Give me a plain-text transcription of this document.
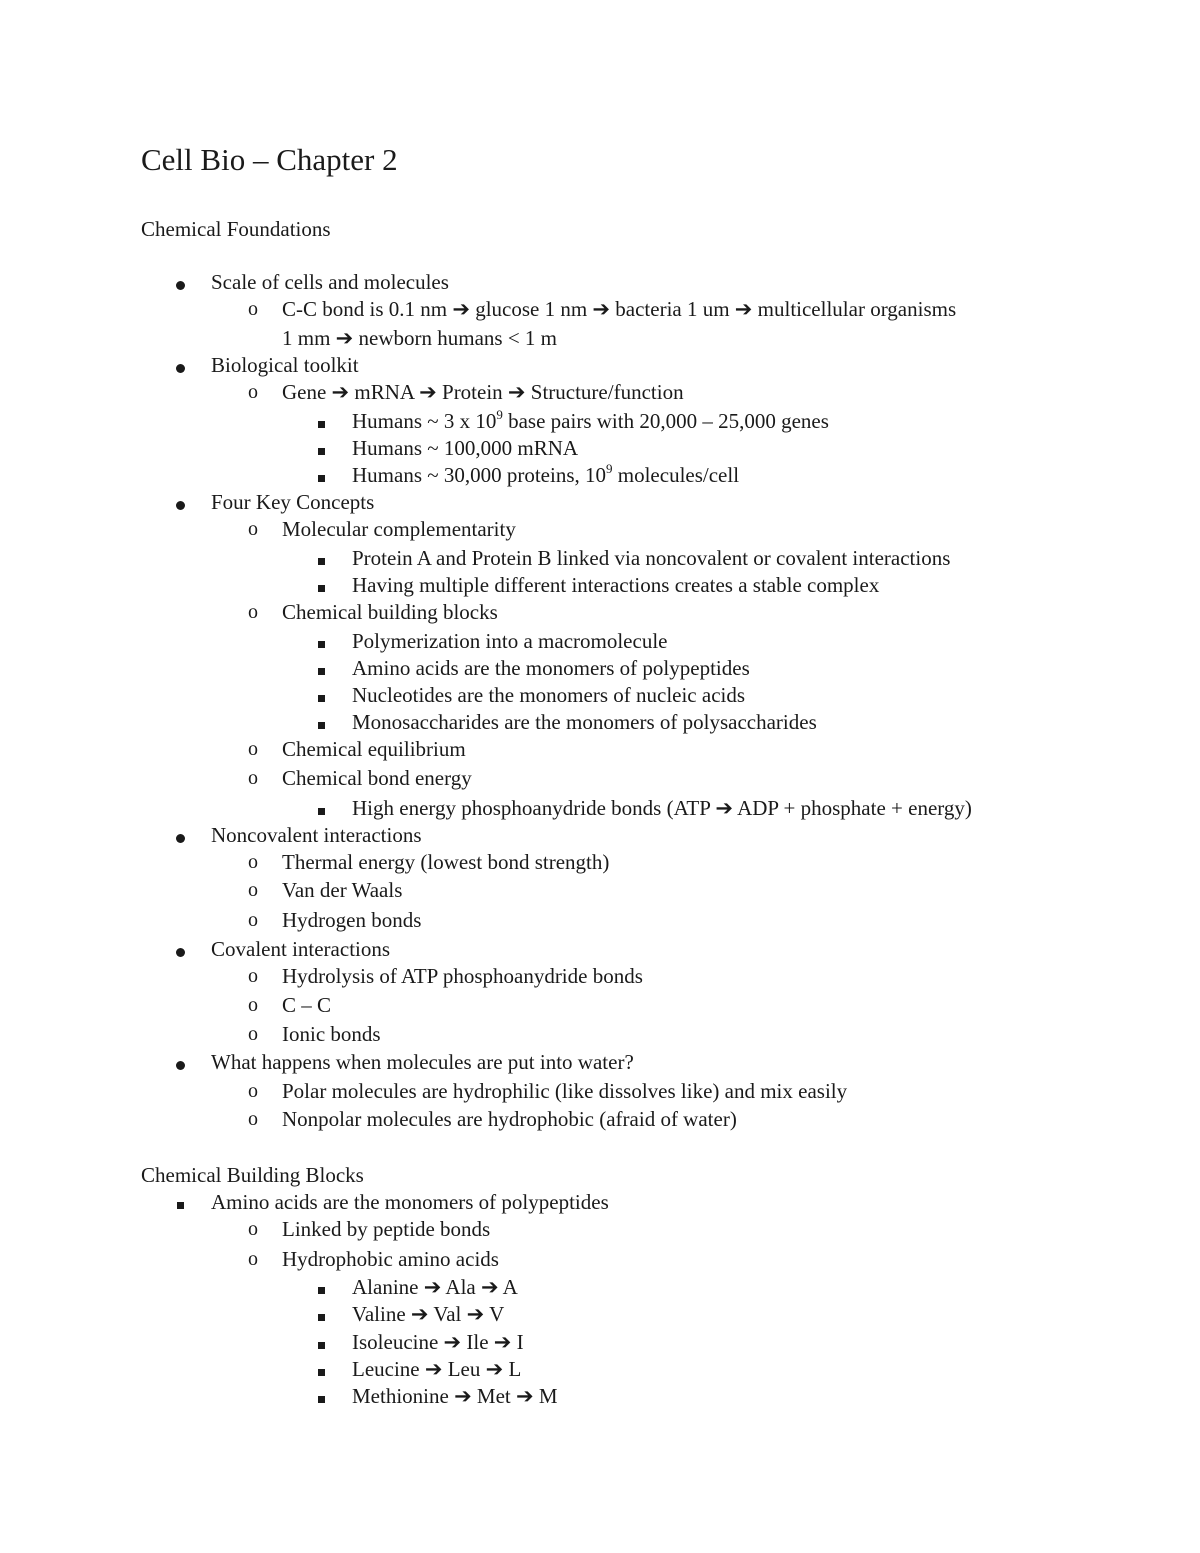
Cell Bio – Chapter 2
Chemical Foundations
Scale of cells and molecules
o C-C bond is 0.1 nm ➔ glucose 1 nm ➔ bacteria 1 um ➔ multicellular organisms
1 mm ➔ newborn humans < 1 m
Biological toolkit
o Gene ➔ mRNA ➔ Protein ➔ Structure/function
Humans ~ 3 x $10^9$ base pairs with 20,000 – 25,000 genes
Humans ~ 100,000 mRNA
Humans ~ 30,000 proteins, $10^9$ molecules/cell
Four Key Concepts
o Molecular complementarity
Protein A and Protein B linked via noncovalent or covalent interactions
Having multiple different interactions creates a stable complex
o Chemical building blocks
Polymerization into a macromolecule
Amino acids are the monomers of polypeptides
Nucleotides are the monomers of nucleic acids
Monosaccharides are the monomers of polysaccharides
o Chemical equilibrium
o Chemical bond energy
High energy phosphoanydride bonds (ATP ➔ ADP + phosphate + energy)
Noncovalent interactions
o Thermal energy (lowest bond strength)
o Van der Waals
o Hydrogen bonds
Covalent interactions
o Hydrolysis of ATP phosphoanydride bonds
o C – C
o Ionic bonds
What happens when molecules are put into water?
o Polar molecules are hydrophilic (like dissolves like) and mix easily
o Nonpolar molecules are hydrophobic (afraid of water)
Chemical Building Blocks
Amino acids are the monomers of polypeptides
o Linked by peptide bonds
o Hydrophobic amino acids
Alanine ➔ Ala ➔ A
Valine ➔ Val ➔ V
Isoleucine ➔ Ile ➔ I
Leucine ➔ Leu ➔ L
Methionine ➔ Met ➔ M
